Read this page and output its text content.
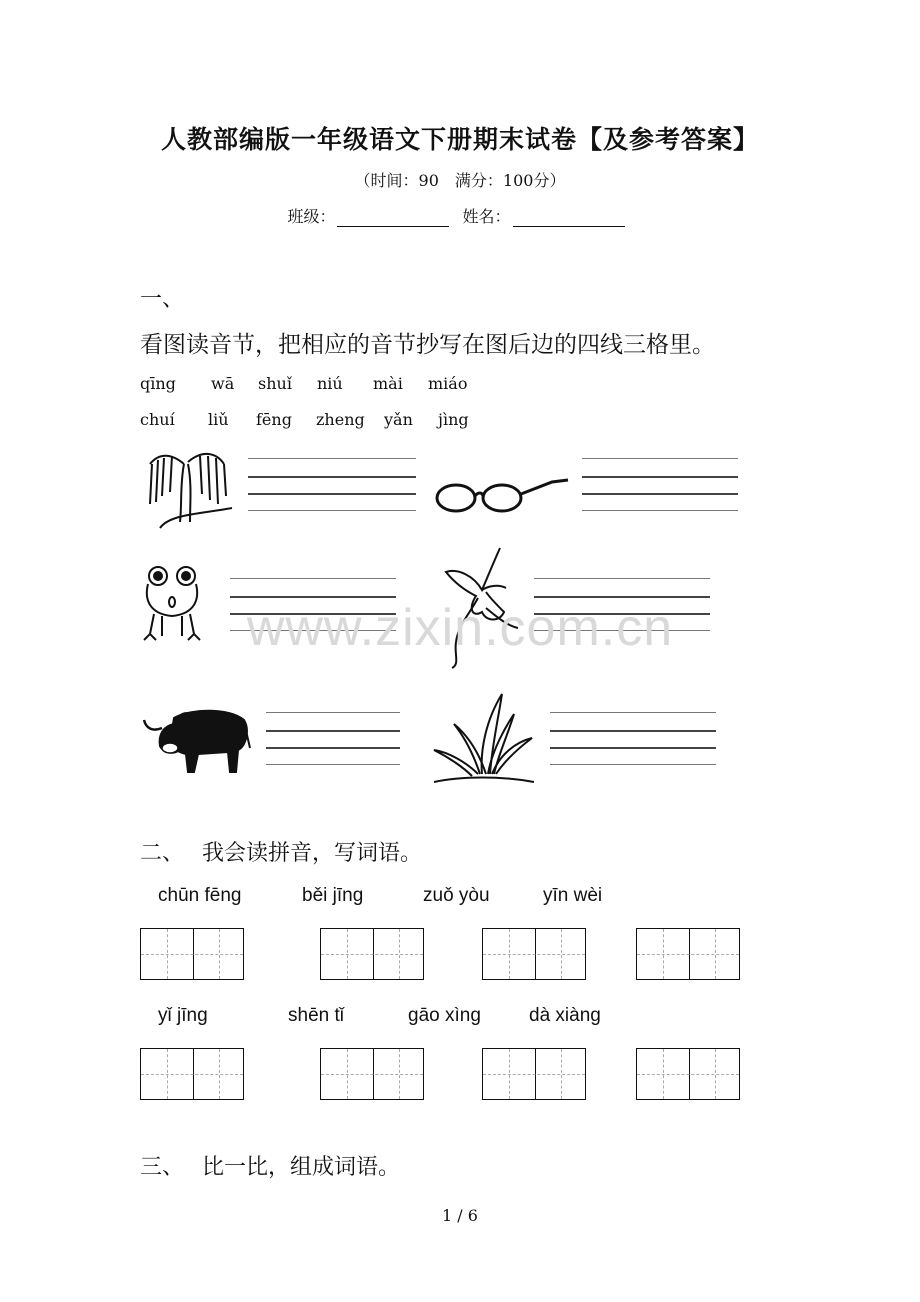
人教部编版一年级语文下册期末试卷【及参考答案】
（时间：90　满分：100分）
班级：	姓名：
一、
看图读音节，把相应的音节抄写在图后边的四线三格里。
qīng wā shuǐ niú mài miáo
chuí liǔ fēng zheng yǎn jìng
www.zixin.com.cn
二、 我会读拼音，写词语。
chūn fēng	běi jīng	zuǒ yòu	yīn wèi
yǐ jīng	shēn tǐ	gāo xìng	dà xiàng
三、 比一比，组成词语。
1 / 6
